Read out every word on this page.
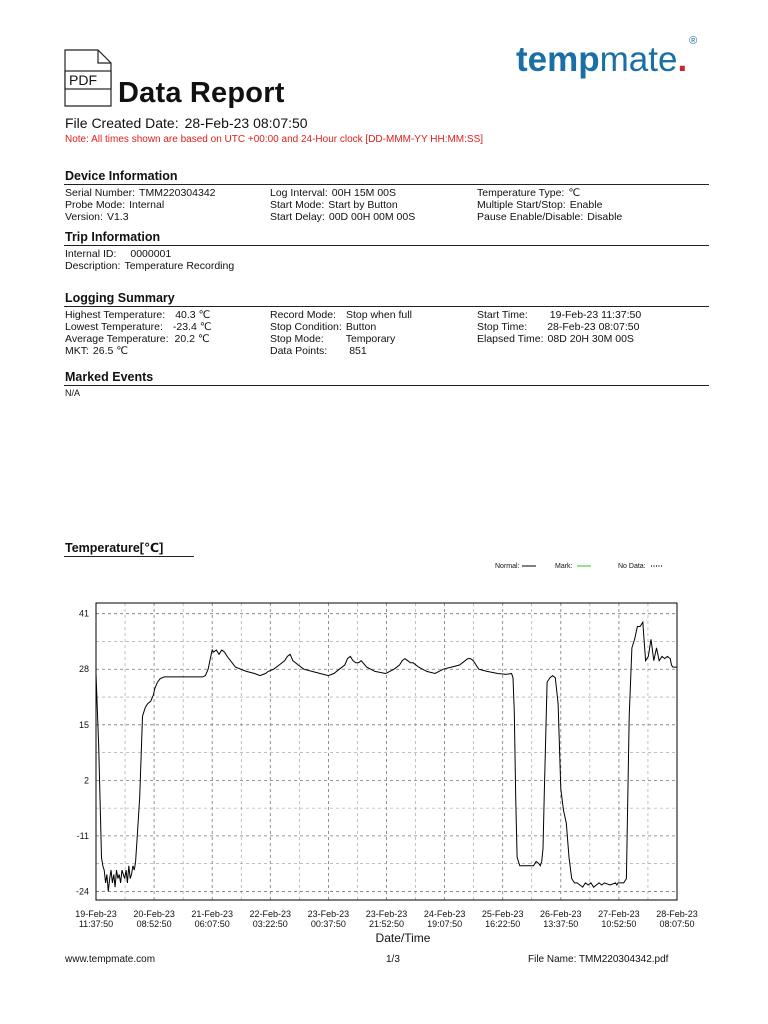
PDF Data Report
tempmate. ®
File Created Date: 28-Feb-23 08:07:50
Note: All times shown are based on UTC +00:00 and 24-Hour clock [DD-MMM-YY HH:MM:SS]
Device Information
Serial Number: TMM220304342
Probe Mode: Internal
Version: V1.3
Log Interval: 00H 15M 00S
Start Mode: Start by Button
Start Delay: 00D 00H 00M 00S
Temperature Type: ℃
Multiple Start/Stop: Enable
Pause Enable/Disable: Disable
Trip Information
Internal ID: 0000001
Description: Temperature Recording
Logging Summary
Highest Temperature: 40.3 ℃
Lowest Temperature: -23.4 ℃
Average Temperature: 20.2 ℃
MKT: 26.5 ℃
Record Mode: Stop when full
Stop Condition: Button
Stop Mode: Temporary
Data Points: 851
Start Time: 19-Feb-23 11:37:50
Stop Time: 28-Feb-23 08:07:50
Elapsed Time: 08D 20H 30M 00S
Marked Events
N/A
Temperature[℃]
Normal:	Mark:	No Data:
41
28
15
2
-11
-24
19-Feb-23
11:37:50
20-Feb-23
08:52:50
21-Feb-23
06:07:50
22-Feb-23
03:22:50
23-Feb-23
00:37:50
23-Feb-23
21:52:50
24-Feb-23
19:07:50
25-Feb-23
16:22:50
26-Feb-23
13:37:50
27-Feb-23
10:52:50
28-Feb-23
08:07:50
Date/Time
www.tempmate.com	1/3	File Name: TMM220304342.pdf
